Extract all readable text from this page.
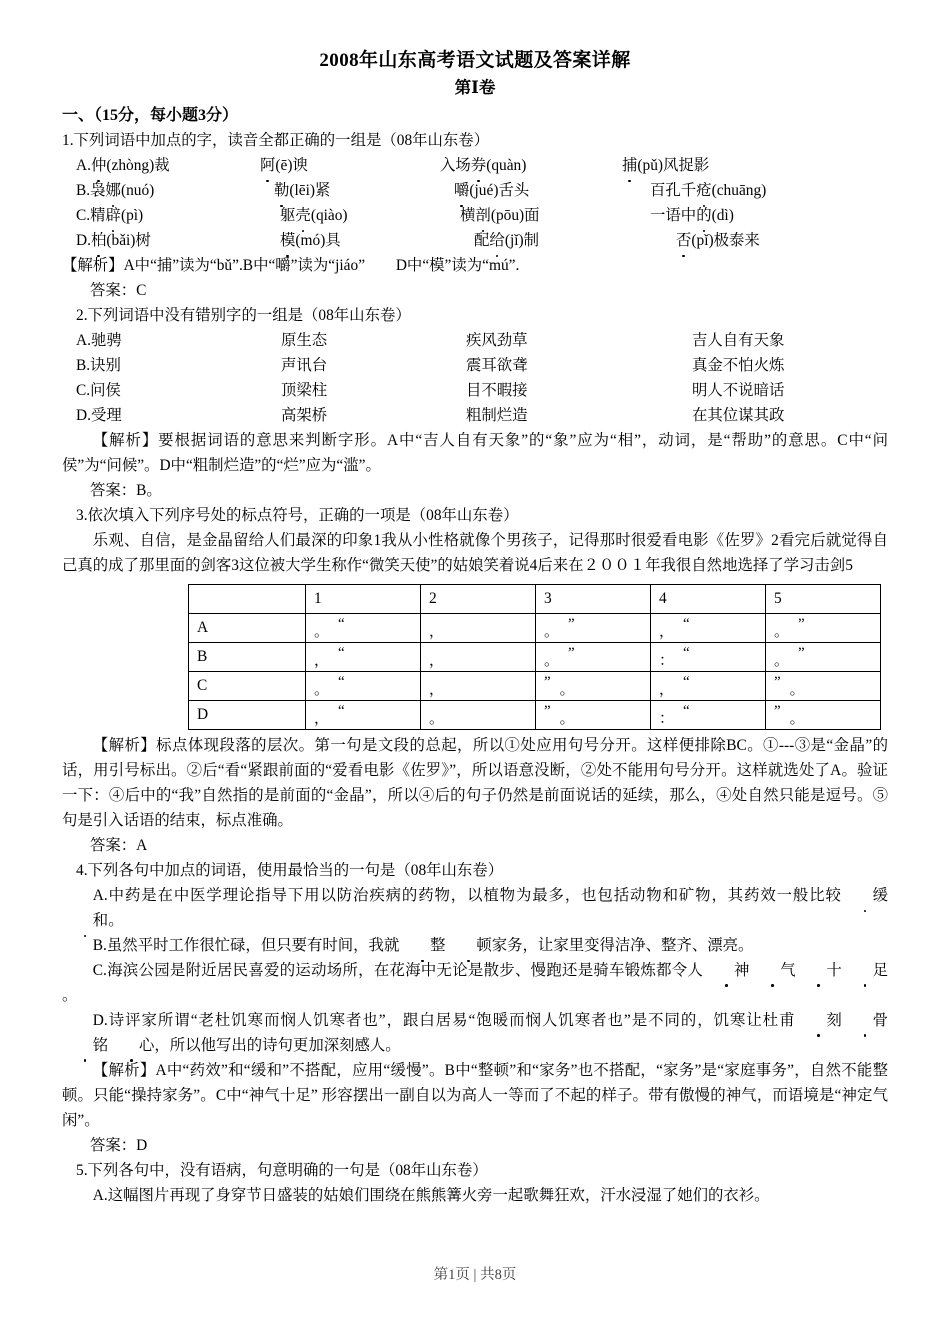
2008年山东高考语文试题及答案详解
第Ⅰ卷
一、（15分，每小题3分）
1.下列词语中加点的字，读音全都正确的一组是（08年山东卷）
A.仲(zhòng)裁	阿(ē)谀	入场券(quàn)	捕(pǔ)风捉影
B.袅娜(nuó)	勒(lēi)紧	嚼(jué)舌头	百孔千疮(chuāng)
C.精辟(pì)	躯壳(qiào)	横剖(pōu)面	一语中的(dì)
D.柏(bǎi)树	模(mó)具	配给(jǐ)制	否(pǐ)极泰来
【解析】A中“捕”读为“bǔ”.B中“嚼”读为“jiáo”　　D中“模”读为“mú”.
答案：C
2.下列词语中没有错别字的一组是（08年山东卷）
A.驰骋	原生态	疾风劲草	吉人自有天象
B.诀别	声讯台	震耳欲聋	真金不怕火炼
C.问侯	顶梁柱	目不暇接	明人不说暗话
D.受理	高架桥	粗制烂造	在其位谋其政
【解析】要根据词语的意思来判断字形。A中“吉人自有天象”的“象”应为“相”，动词，是“帮助”的意思。C中“问侯”为“问候”。D中“粗制烂造”的“烂”应为“滥”。
答案：B。
3.依次填入下列序号处的标点符号，正确的一项是（08年山东卷）
乐观、自信，是金晶留给人们最深的印象1我从小性格就像个男孩子，记得那时很爱看电影《佐罗》2看完后就觉得自己真的成了那里面的剑客3这位被大学生称作“微笑天使”的姑娘笑着说4后来在２００１年我很自然地选择了学习击剑5
	1	2	3	4	5
A	。 “	，	。 ”	， “	。 ”
B	， “	，	。 ”	： “	。 ”
C	。 “	，	” 。	， “	” 。
D	， “	。	” 。	： “	” 。
【解析】标点体现段落的层次。第一句是文段的总起，所以①处应用句号分开。这样便排除BC。①---③是“金晶”的话，用引号标出。②后“看“紧跟前面的“爱看电影《佐罗》”，所以语意没断，②处不能用句号分开。这样就选处了A。验证一下：④后中的“我”自然指的是前面的“金晶”，所以④后的句子仍然是前面说话的延续，那么，④处自然只能是逗号。⑤句是引入话语的结束，标点准确。
答案：A
4.下列各句中加点的词语，使用最恰当的一句是（08年山东卷）
A.中药是在中医学理论指导下用以防治疾病的药物，以植物为最多，也包括动物和矿物，其药效一般比较 缓和。
B.虽然平时工作很忙碌，但只要有时间，我就 整 顿家务，让家里变得洁净、整齐、漂亮。
C.海滨公园是附近居民喜爱的运动场所，在花海中无论是散步、慢跑还是骑车锻炼都令人 神 气 十 足。
D.诗评家所谓“老杜饥寒而悯人饥寒者也”，跟白居易“饱暖而悯人饥寒者也”是不同的，饥寒让杜甫 刻 骨铭 心，所以他写出的诗句更加深刻感人。
【解析】A中“药效”和“缓和”不搭配，应用“缓慢”。B中“整顿”和“家务”也不搭配，“家务”是“家庭事务”，自然不能整顿。只能“操持家务”。C中“神气十足” 形容摆出一副自以为高人一等而了不起的样子。带有傲慢的神气，而语境是“神定气闲”。
答案：D
5.下列各句中，没有语病，句意明确的一句是（08年山东卷）
A.这幅图片再现了身穿节日盛装的姑娘们围绕在熊熊篝火旁一起歌舞狂欢，汗水浸湿了她们的衣衫。
第1页 | 共8页
